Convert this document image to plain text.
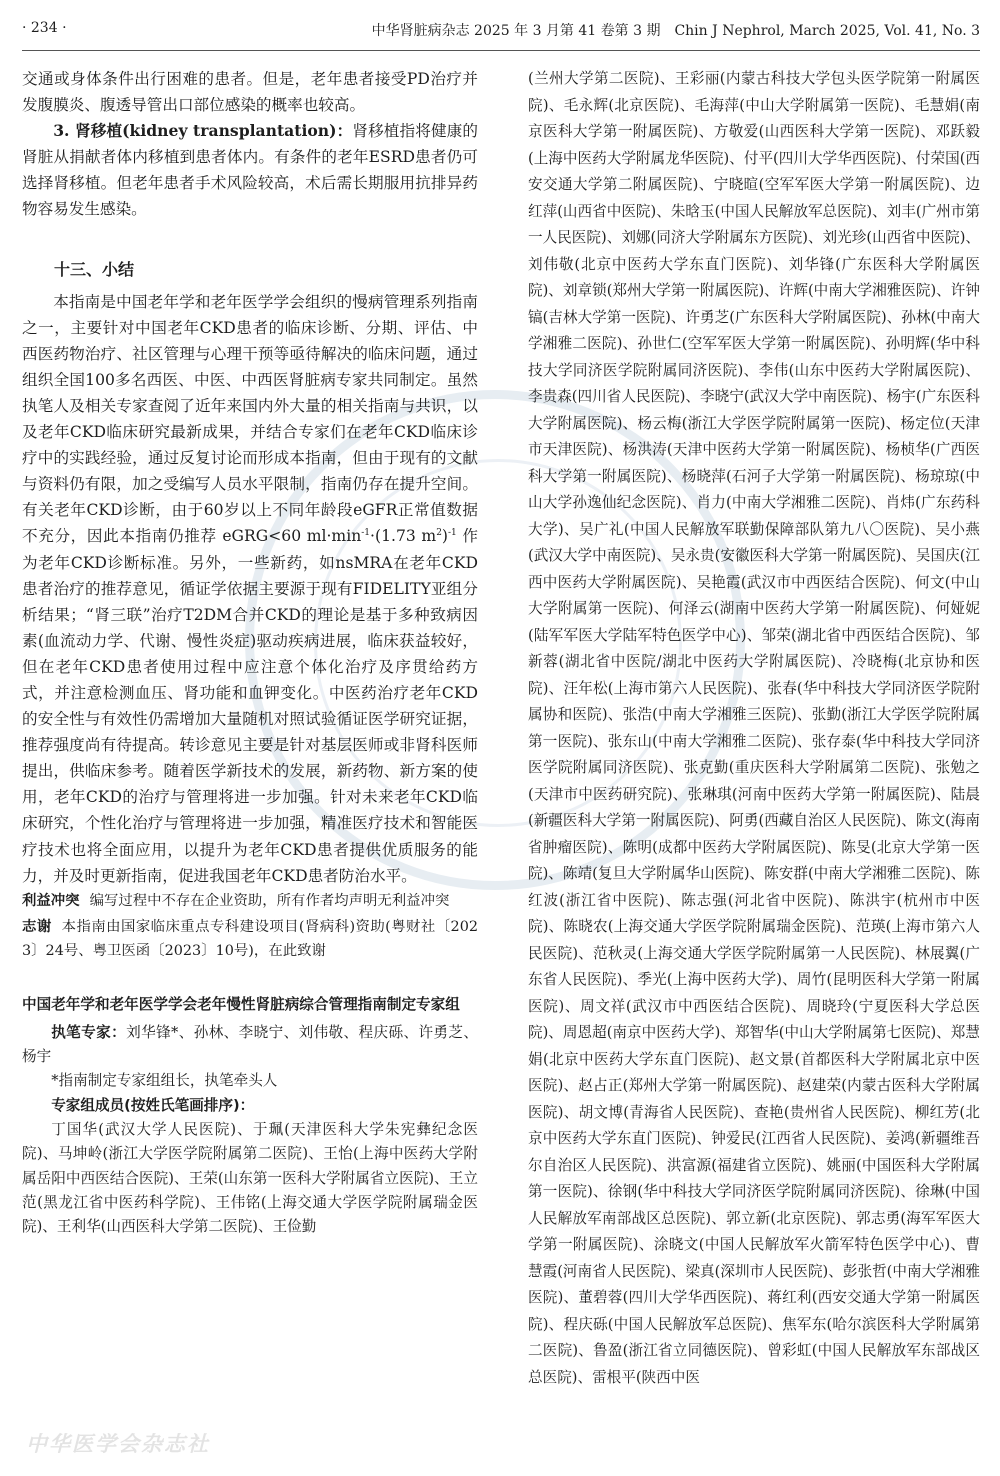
· 234 ·	中华肾脏病杂志 2025 年 3 月第 41 卷第 3 期　Chin J Nephrol, March 2025, Vol. 41, No. 3

交通或身体条件出行困难的患者。但是，老年患者接受PD治疗并发腹膜炎、腹透导管出口部位感染的概率也较高。

3. 肾移植(kidney transplantation)：肾移植指将健康的肾脏从捐献者体内移植到患者体内。有条件的老年ESRD患者仍可选择肾移植。但老年患者手术风险较高，术后需长期服用抗排异药物容易发生感染。

十三、小结

本指南是中国老年学和老年医学学会组织的慢病管理系列指南之一，主要针对中国老年CKD患者的临床诊断、分期、评估、中西医药物治疗、社区管理与心理干预等亟待解决的临床问题，通过组织全国100多名西医、中医、中西医肾脏病专家共同制定。虽然执笔人及相关专家查阅了近年来国内外大量的相关指南与共识，以及老年CKD临床研究最新成果，并结合专家们在老年CKD临床诊疗中的实践经验，通过反复讨论而形成本指南，但由于现有的文献与资料仍有限，加之受编写人员水平限制，指南仍存在提升空间。有关老年CKD诊断，由于60岁以上不同年龄段eGFR正常值数据不充分，因此本指南仍推荐 eGRG<60 $ml\cdot\min^{-1}\cdot(1.73$ $m^2)^{-1}$ 作为老年CKD诊断标准。另外，一些新药，如nsMRA在老年CKD患者治疗的推荐意见，循证学依据主要源于现有FIDELITY亚组分析结果；“肾三联”治疗T2DM合并CKD的理论是基于多种致病因素(血流动力学、代谢、慢性炎症)驱动疾病进展，临床获益较好，但在老年CKD患者使用过程中应注意个体化治疗及序贯给药方式，并注意检测血压、肾功能和血钾变化。中医药治疗老年CKD的安全性与有效性仍需增加大量随机对照试验循证医学研究证据，推荐强度尚有待提高。转诊意见主要是针对基层医师或非肾科医师提出，供临床参考。随着医学新技术的发展，新药物、新方案的使用，老年CKD的治疗与管理将进一步加强。针对未来老年CKD临床研究，个性化治疗与管理将进一步加强，精准医疗技术和智能医疗技术也将全面应用，以提升为老年CKD患者提供优质服务的能力，并及时更新指南，促进我国老年CKD患者防治水平。

利益冲突 编写过程中不存在企业资助，所有作者均声明无利益冲突

志谢 本指南由国家临床重点专科建设项目(肾病科)资助(粤财社〔2023〕24号、粤卫医函〔2023〕10号)，在此致谢

中国老年学和老年医学学会老年慢性肾脏病综合管理指南制定专家组

执笔专家：刘华锋*、孙林、李晓宁、刘伟敬、程庆砾、许勇芝、杨宇

*指南制定专家组组长，执笔牵头人

专家组成员(按姓氏笔画排序)：

丁国华(武汉大学人民医院)、于珮(天津医科大学朱宪彝纪念医院)、马坤岭(浙江大学医学院附属第二医院)、王怡(上海中医药大学附属岳阳中西医结合医院)、王荣(山东第一医科大学附属省立医院)、王立范(黑龙江省中医药科学院)、王伟铭(上海交通大学医学院附属瑞金医院)、王利华(山西医科大学第二医院)、王俭勤

(兰州大学第二医院)、王彩丽(内蒙古科技大学包头医学院第一附属医院)、毛永辉(北京医院)、毛海萍(中山大学附属第一医院)、毛慧娟(南京医科大学第一附属医院)、方敬爱(山西医科大学第一医院)、邓跃毅(上海中医药大学附属龙华医院)、付平(四川大学华西医院)、付荣国(西安交通大学第二附属医院)、宁晓暄(空军军医大学第一附属医院)、边红萍(山西省中医院)、朱晗玉(中国人民解放军总医院)、刘丰(广州市第一人民医院)、刘娜(同济大学附属东方医院)、刘光珍(山西省中医院)、刘伟敬(北京中医药大学东直门医院)、刘华锋(广东医科大学附属医院)、刘章锁(郑州大学第一附属医院)、许辉(中南大学湘雅医院)、许钟镐(吉林大学第一医院)、许勇芝(广东医科大学附属医院)、孙林(中南大学湘雅二医院)、孙世仁(空军军医大学第一附属医院)、孙明辉(华中科技大学同济医学院附属同济医院)、李伟(山东中医药大学附属医院)、李贵森(四川省人民医院)、李晓宁(武汉大学中南医院)、杨宇(广东医科大学附属医院)、杨云梅(浙江大学医学院附属第一医院)、杨定位(天津市天津医院)、杨洪涛(天津中医药大学第一附属医院)、杨桢华(广西医科大学第一附属医院)、杨晓萍(石河子大学第一附属医院)、杨琼琼(中山大学孙逸仙纪念医院)、肖力(中南大学湘雅二医院)、肖炜(广东药科大学)、吴广礼(中国人民解放军联勤保障部队第九八〇医院)、吴小燕(武汉大学中南医院)、吴永贵(安徽医科大学第一附属医院)、吴国庆(江西中医药大学附属医院)、吴艳霞(武汉市中西医结合医院)、何文(中山大学附属第一医院)、何泽云(湖南中医药大学第一附属医院)、何娅妮(陆军军医大学陆军特色医学中心)、邹荣(湖北省中西医结合医院)、邹新蓉(湖北省中医院/湖北中医药大学附属医院)、冷晓梅(北京协和医院)、汪年松(上海市第六人民医院)、张春(华中科技大学同济医学院附属协和医院)、张浩(中南大学湘雅三医院)、张勤(浙江大学医学院附属第一医院)、张东山(中南大学湘雅二医院)、张存泰(华中科技大学同济医学院附属同济医院)、张克勤(重庆医科大学附属第二医院)、张勉之(天津市中医药研究院)、张琳琪(河南中医药大学第一附属医院)、陆晨(新疆医科大学第一附属医院)、阿勇(西藏自治区人民医院)、陈文(海南省肿瘤医院)、陈明(成都中医药大学附属医院)、陈旻(北京大学第一医院)、陈靖(复旦大学附属华山医院)、陈安群(中南大学湘雅二医院)、陈红波(浙江省中医院)、陈志强(河北省中医院)、陈洪宇(杭州市中医院)、陈晓农(上海交通大学医学院附属瑞金医院)、范瑛(上海市第六人民医院)、范秋灵(上海交通大学医学院附属第一人民医院)、林展翼(广东省人民医院)、季光(上海中医药大学)、周竹(昆明医科大学第一附属医院)、周文祥(武汉市中西医结合医院)、周晓玲(宁夏医科大学总医院)、周恩超(南京中医药大学)、郑智华(中山大学附属第七医院)、郑慧娟(北京中医药大学东直门医院)、赵文景(首都医科大学附属北京中医医院)、赵占正(郑州大学第一附属医院)、赵建荣(内蒙古医科大学附属医院)、胡文博(青海省人民医院)、查艳(贵州省人民医院)、柳红芳(北京中医药大学东直门医院)、钟爱民(江西省人民医院)、姜鸿(新疆维吾尔自治区人民医院)、洪富源(福建省立医院)、姚丽(中国医科大学附属第一医院)、徐钢(华中科技大学同济医学院附属同济医院)、徐琳(中国人民解放军南部战区总医院)、郭立新(北京医院)、郭志勇(海军军医大学第一附属医院)、涂晓文(中国人民解放军火箭军特色医学中心)、曹慧霞(河南省人民医院)、梁真(深圳市人民医院)、彭张哲(中南大学湘雅医院)、董碧蓉(四川大学华西医院)、蒋红利(西安交通大学第一附属医院)、程庆砾(中国人民解放军总医院)、焦军东(哈尔滨医科大学附属第二医院)、鲁盈(浙江省立同德医院)、曾彩虹(中国人民解放军东部战区总医院)、雷根平(陕西中医

中华医学会杂志社
